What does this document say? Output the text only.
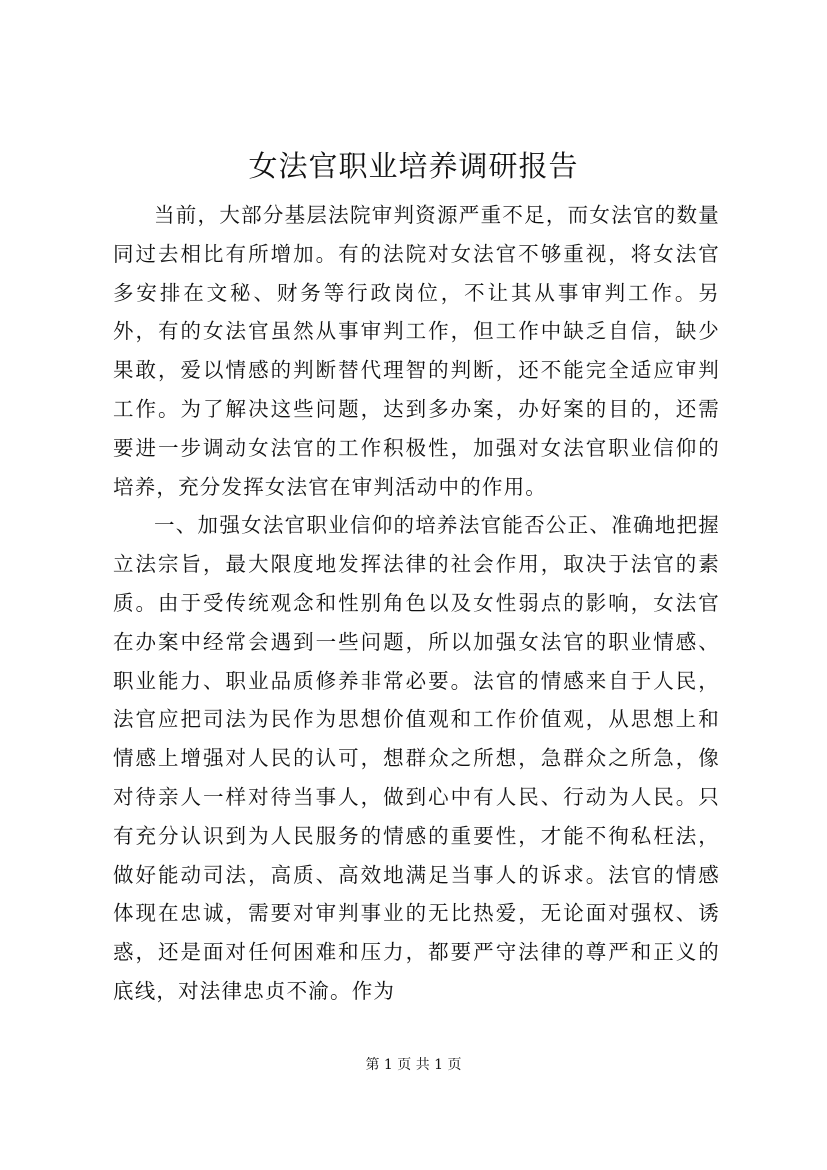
女法官职业培养调研报告

当前，大部分基层法院审判资源严重不足，而女法官的数量同过去相比有所增加。有的法院对女法官不够重视，将女法官多安排在文秘、财务等行政岗位，不让其从事审判工作。另外，有的女法官虽然从事审判工作，但工作中缺乏自信，缺少果敢，爱以情感的判断替代理智的判断，还不能完全适应审判工作。为了解决这些问题，达到多办案，办好案的目的，还需要进一步调动女法官的工作积极性，加强对女法官职业信仰的培养，充分发挥女法官在审判活动中的作用。

一、加强女法官职业信仰的培养法官能否公正、准确地把握立法宗旨，最大限度地发挥法律的社会作用，取决于法官的素质。由于受传统观念和性别角色以及女性弱点的影响，女法官在办案中经常会遇到一些问题，所以加强女法官的职业情感、职业能力、职业品质修养非常必要。法官的情感来自于人民，法官应把司法为民作为思想价值观和工作价值观，从思想上和情感上增强对人民的认可，想群众之所想，急群众之所急，像对待亲人一样对待当事人，做到心中有人民、行动为人民。只有充分认识到为人民服务的情感的重要性，才能不徇私枉法，做好能动司法，高质、高效地满足当事人的诉求。法官的情感体现在忠诚，需要对审判事业的无比热爱，无论面对强权、诱惑，还是面对任何困难和压力，都要严守法律的尊严和正义的底线，对法律忠贞不渝。作为

第 1 页 共 1 页
